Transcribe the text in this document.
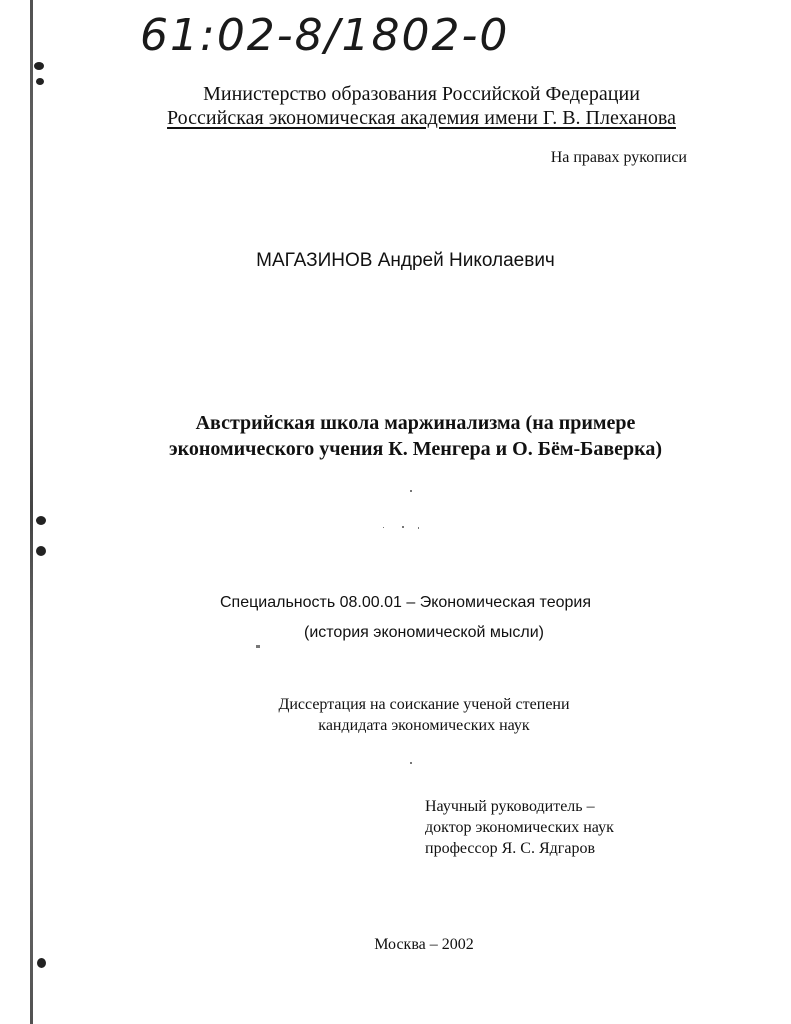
61:02-8/1802-0
Министерство образования Российской Федерации
Российская экономическая академия имени Г. В. Плеханова
На правах рукописи
МАГАЗИНОВ Андрей Николаевич
Австрийская школа маржинализма (на примере
экономического учения К. Менгера и О. Бём-Баверка)
Специальность 08.00.01 – Экономическая теория
(история экономической мысли)
Диссертация на соискание ученой степени
кандидата экономических наук
Научный руководитель –
доктор экономических наук
профессор Я. С. Ядгаров
Москва – 2002
